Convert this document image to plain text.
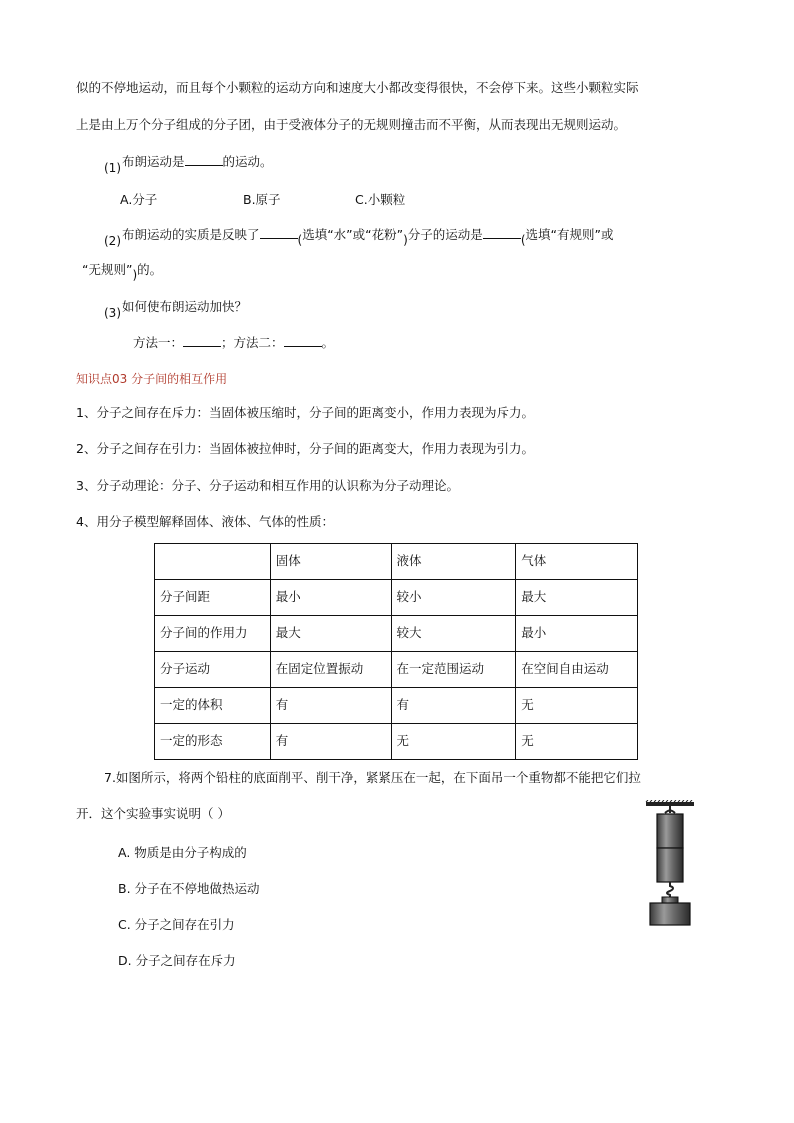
似的不停地运动，而且每个小颗粒的运动方向和速度大小都改变得很快，不会停下来。这些小颗粒实际
上是由上万个分子组成的分子团，由于受液体分子的无规则撞击而不平衡，从而表现出无规则运动。
(1)布朗运动是	的运动。
A.分子	B.原子	C.小颗粒
(2)布朗运动的实质是反映了	(选填“水”或“花粉”)分子的运动是	(选填“有规则”或
“无规则”)的。
(3)如何使布朗运动加快？
方法一：	；方法二：	。
知识点03 分子间的相互作用
1、分子之间存在斥力：当固体被压缩时，分子间的距离变小，作用力表现为斥力。
2、分子之间存在引力：当固体被拉伸时，分子间的距离变大，作用力表现为引力。
3、分子动理论：分子、分子运动和相互作用的认识称为分子动理论。
4、用分子模型解释固体、液体、气体的性质：
	固体	液体	气体
分子间距	最小	较小	最大
分子间的作用力	最大	较大	最小
分子运动	在固定位置振动	在一定范围运动	在空间自由运动
一定的体积	有	有	无
一定的形态	有	无	无
7.如图所示，将两个铅柱的底面削平、削干净，紧紧压在一起，在下面吊一个重物都不能把它们拉
开．这个实验事实说明（ ）
A. 物质是由分子构成的
B. 分子在不停地做热运动
C. 分子之间存在引力
D. 分子之间存在斥力
